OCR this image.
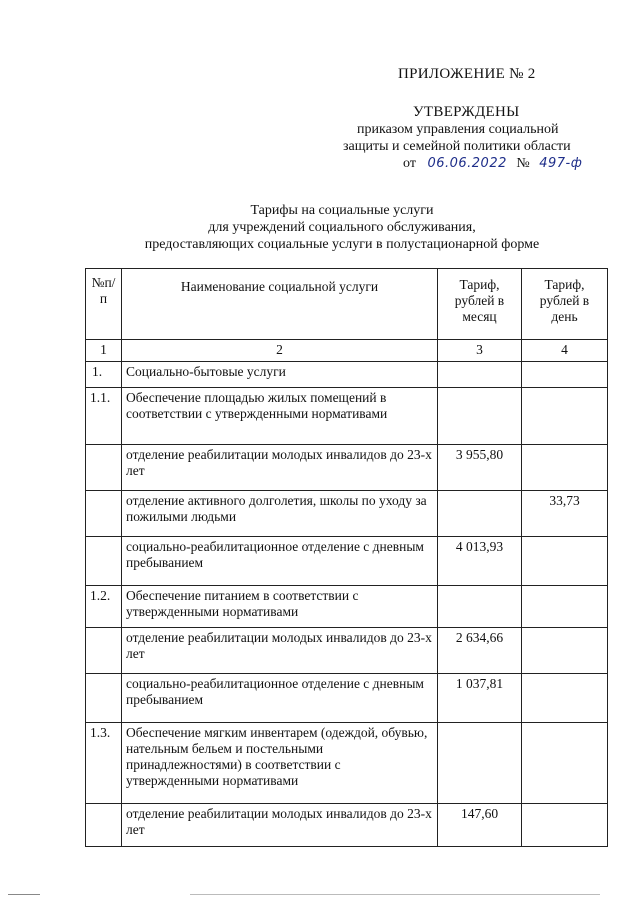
ПРИЛОЖЕНИЕ № 2
УТВЕРЖДЕНЫ
приказом управления социальной
защиты и семейной политики области
от 06.06.2022 № 497-ф
Тарифы на социальные услуги
для учреждений социального обслуживания,
предоставляющих социальные услуги в полустационарной форме
№п/ п	Наименование социальной услуги	Тариф, рублей в месяц	Тариф, рублей в день
1	2	3	4
1.	Социально-бытовые услуги		
1.1.	Обеспечение площадью жилых помещений в соответствии с утвержденными нормативами		
	отделение реабилитации молодых инвалидов до 23-х лет	3 955,80	
	отделение активного долголетия, школы по уходу за пожилыми людьми		33,73
	социально-реабилитационное отделение с дневным пребыванием	4 013,93	
1.2.	Обеспечение питанием в соответствии с утвержденными нормативами		
	отделение реабилитации молодых инвалидов до 23-х лет	2 634,66	
	социально-реабилитационное отделение с дневным пребыванием	1 037,81	
1.3.	Обеспечение мягким инвентарем (одеждой, обувью, нательным бельем и постельными принадлежностями) в соответствии с утвержденными нормативами		
	отделение реабилитации молодых инвалидов до 23-х лет	147,60	
